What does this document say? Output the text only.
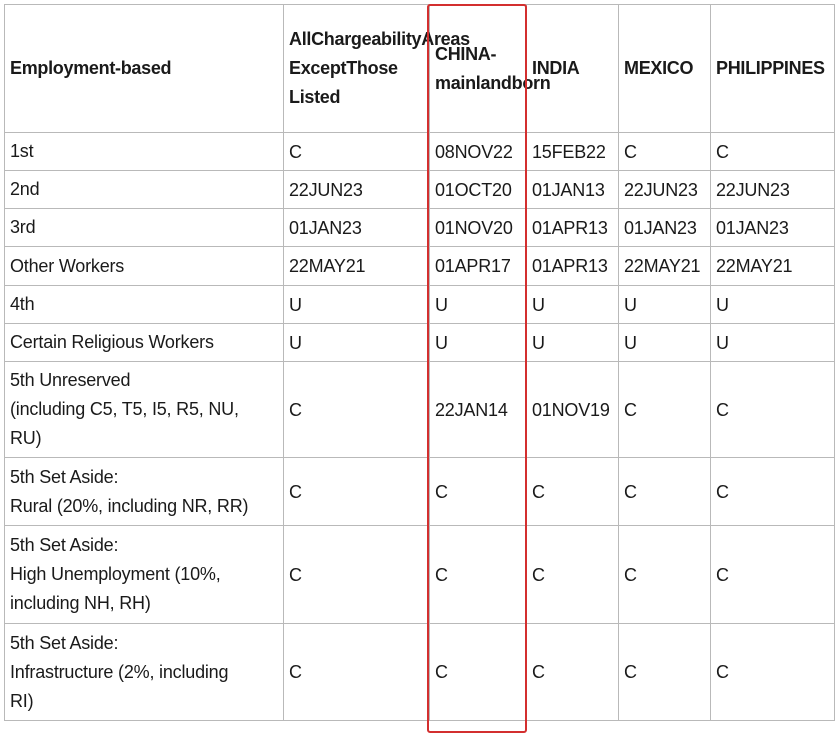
Employment-based	AllChargeabilityAreas ExceptThose Listed	CHINA-mainlandborn	INDIA	MEXICO	PHILIPPINES

1st	C	08NOV22	15FEB22	C	C

2nd	22JUN23	01OCT20	01JAN13	22JUN23	22JUN23

3rd	01JAN23	01NOV20	01APR13	01JAN23	01JAN23

Other Workers	22MAY21	01APR17	01APR13	22MAY21	22MAY21

4th	U	U	U	U	U

Certain Religious Workers	U	U	U	U	U

5th Unreserved
(including C5, T5, I5, R5, NU,
RU)	C	22JAN14	01NOV19	C	C

5th Set Aside:
Rural (20%, including NR, RR)	C	C	C	C	C

5th Set Aside:
High Unemployment (10%,
including NH, RH)	C	C	C	C	C

5th Set Aside:
Infrastructure (2%, including
RI)	C	C	C	C	C
